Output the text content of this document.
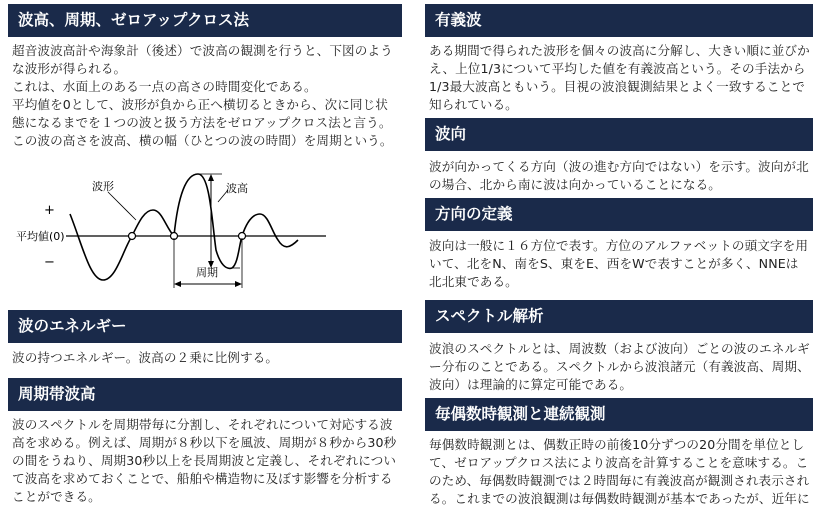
波高、周期、ゼロアップクロス法

超音波波高計や海象計（後述）で波高の観測を行うと、下図のような波形が得られる。

これは、水面上のある一点の高さの時間変化である。

平均値を0として、波形が負から正へ横切るときから、次に同じ状態になるまでを１つの波と扱う方法をゼロアップクロス法と言う。この波の高さを波高、横の幅（ひとつの波の時間）を周期という。

波形	波高
+
平均値(0)
−
周期
波のエネルギー

波の持つエネルギー。波高の２乗に比例する。

周期帯波高

波のスペクトルを周期帯毎に分割し、それぞれについて対応する波高を求める。例えば、周期が８秒以下を風波、周期が８秒から30秒の間をうねり、周期30秒以上を長周期波と定義し、それぞれについて波高を求めておくことで、船舶や構造物に及ぼす影響を分析することができる。

有義波

ある期間で得られた波形を個々の波高に分解し、大きい順に並びかえ、上位1/3について平均した値を有義波高という。その手法から1/3最大波高ともいう。目視の波浪観測結果とよく一致することで知られている。

波向

波が向かってくる方向（波の進む方向ではない）を示す。波向が北の場合、北から南に波は向かっていることになる。

方向の定義

波向は一般に１６方位で表す。方位のアルファベットの頭文字を用いて、北をN、南をS、東をE、西をWで表すことが多く、NNEは北北東である。

スペクトル解析

波浪のスペクトルとは、周波数（および波向）ごとの波のエネルギー分布のことである。スペクトルから波浪諸元（有義波高、周期、波向）は理論的に算定可能である。

毎偶数時観測と連続観測

毎偶数時観測とは、偶数正時の前後10分ずつの20分間を単位として、ゼロアップクロス法により波高を計算することを意味する。このため、毎偶数時観測では２時間毎に有義波高が観測され表示される。これまでの波浪観測は毎偶数時観測が基本であったが、近年に
